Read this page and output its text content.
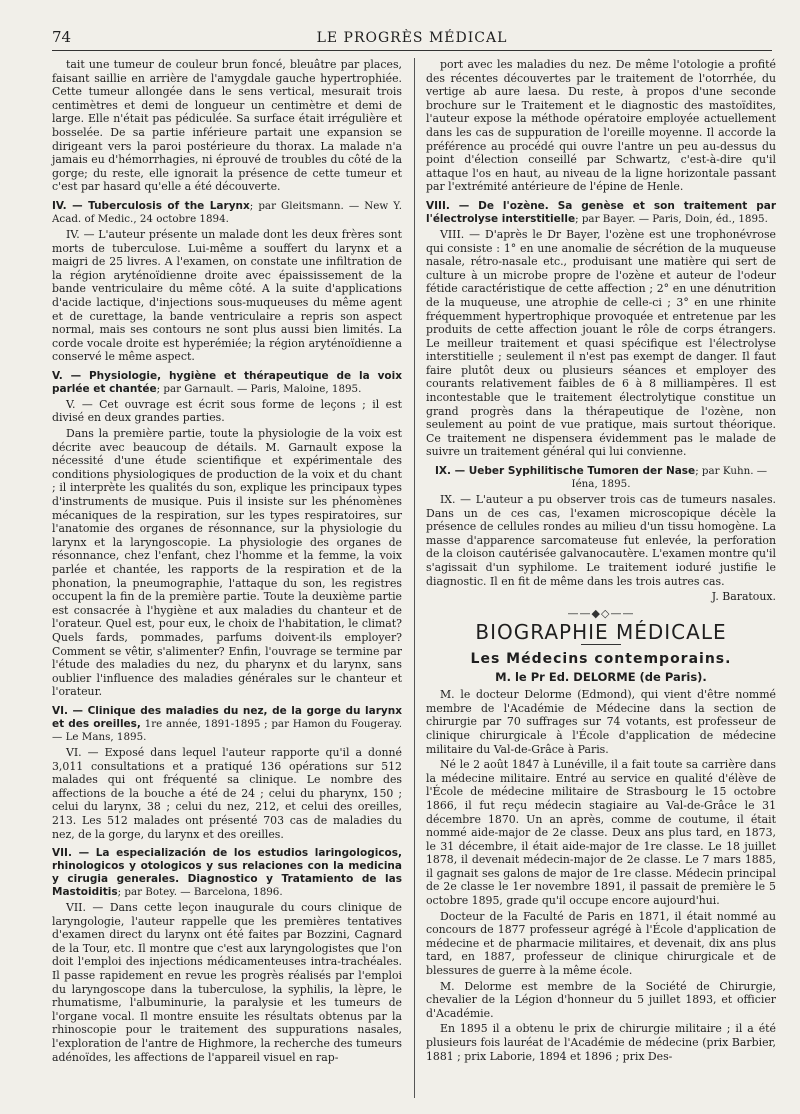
74	LE PROGRÈS MÉDICAL

tait une tumeur de couleur brun foncé, bleuâtre par places, faisant saillie en arrière de l'amygdale gauche hypertrophiée. Cette tumeur allongée dans le sens vertical, mesurait trois centimètres et demi de longueur un centimètre et demi de large. Elle n'était pas pédiculée. Sa surface était irrégulière et bosselée. De sa partie inférieure partait une expansion se dirigeant vers la paroi postérieure du thorax. La malade n'a jamais eu d'hémorrhagies, ni éprouvé de troubles du côté de la gorge; du reste, elle ignorait la présence de cette tumeur et c'est par hasard qu'elle a été découverte.

IV. — Tuberculosis of the Larynx; par Gleitsmann. — New Y. Acad. of Medic., 24 octobre 1894.

IV. — L'auteur présente un malade dont les deux frères sont morts de tuberculose. Lui-même a souffert du larynx et a maigri de 25 livres. A l'examen, on constate une infiltration de la région aryténoïdienne droite avec épaississement de la bande ventriculaire du même côté. A la suite d'applications d'acide lactique, d'injections sous-muqueuses du même agent et de curettage, la bande ventriculaire a repris son aspect normal, mais ses contours ne sont plus aussi bien limités. La corde vocale droite est hyperémiée; la région aryténoïdienne a conservé le même aspect.

V. — Physiologie, hygiène et thérapeutique de la voix parlée et chantée; par Garnault. — Paris, Maloine, 1895.

V. — Cet ouvrage est écrit sous forme de leçons ; il est divisé en deux grandes parties.

Dans la première partie, toute la physiologie de la voix est décrite avec beaucoup de détails. M. Garnault expose la nécessité d'une étude scientifique et expérimentale des conditions physiologiques de production de la voix et du chant ; il interprète les qualités du son, explique les principaux types d'instruments de musique. Puis il insiste sur les phénomènes mécaniques de la respiration, sur les types respiratoires, sur l'anatomie des organes de résonnance, sur la physiologie du larynx et la laryngoscopie. La physiologie des organes de résonnance, chez l'enfant, chez l'homme et la femme, la voix parlée et chantée, les rapports de la respiration et de la phonation, la pneumographie, l'attaque du son, les registres occupent la fin de la première partie. Toute la deuxième partie est consacrée à l'hygiène et aux maladies du chanteur et de l'orateur. Quel est, pour eux, le choix de l'habitation, le climat? Quels fards, pommades, parfums doivent-ils employer? Comment se vêtir, s'alimenter? Enfin, l'ouvrage se termine par l'étude des maladies du nez, du pharynx et du larynx, sans oublier l'influence des maladies générales sur le chanteur et l'orateur.

VI. — Clinique des maladies du nez, de la gorge du larynx et des oreilles, 1re année, 1891-1895 ; par Hamon du Fougeray. — Le Mans, 1895.

VI. — Exposé dans lequel l'auteur rapporte qu'il a donné 3,011 consultations et a pratiqué 136 opérations sur 512 malades qui ont fréquenté sa clinique. Le nombre des affections de la bouche a été de 24 ; celui du pharynx, 150 ; celui du larynx, 38 ; celui du nez, 212, et celui des oreilles, 213. Les 512 malades ont présenté 703 cas de maladies du nez, de la gorge, du larynx et des oreilles.

VII. — La especialización de los estudios laringologicos, rhinologicos y otologicos y sus relaciones con la medicina y cirugia generales. Diagnostico y Tratamiento de las Mastoiditis; par Botey. — Barcelona, 1896.

VII. — Dans cette leçon inaugurale du cours clinique de laryngologie, l'auteur rappelle que les premières tentatives d'examen direct du larynx ont été faites par Bozzini, Cagnard de la Tour, etc. Il montre que c'est aux laryngologistes que l'on doit l'emploi des injections médicamenteuses intra-trachéales. Il passe rapidement en revue les progrès réalisés par l'emploi du laryngoscope dans la tuberculose, la syphilis, la lèpre, le rhumatisme, l'albuminurie, la paralysie et les tumeurs de l'organe vocal. Il montre ensuite les résultats obtenus par la rhinoscopie pour le traitement des suppurations nasales, l'exploration de l'antre de Highmore, la recherche des tumeurs adénoïdes, les affections de l'appareil visuel en rap-

port avec les maladies du nez. De même l'otologie a profité des récentes découvertes par le traitement de l'otorrhée, du vertige ab aure laesa. Du reste, à propos d'une seconde brochure sur le Traitement et le diagnostic des mastoïdites, l'auteur expose la méthode opératoire employée actuellement dans les cas de suppuration de l'oreille moyenne. Il accorde la préférence au procédé qui ouvre l'antre un peu au-dessus du point d'élection conseillé par Schwartz, c'est-à-dire qu'il attaque l'os en haut, au niveau de la ligne horizontale passant par l'extrémité antérieure de l'épine de Henle.

VIII. — De l'ozène. Sa genèse et son traitement par l'électrolyse interstitielle; par Bayer. — Paris, Doin, éd., 1895.

VIII. — D'après le Dr Bayer, l'ozène est une trophonévrose qui consiste : 1° en une anomalie de sécrétion de la muqueuse nasale, rétro-nasale etc., produisant une matière qui sert de culture à un microbe propre de l'ozène et auteur de l'odeur fétide caractéristique de cette affection ; 2° en une dénutrition de la muqueuse, une atrophie de celle-ci ; 3° en une rhinite fréquemment hypertrophique provoquée et entretenue par les produits de cette affection jouant le rôle de corps étrangers. Le meilleur traitement et quasi spécifique est l'électrolyse interstitielle ; seulement il n'est pas exempt de danger. Il faut faire plutôt deux ou plusieurs séances et employer des courants relativement faibles de 6 à 8 milliampères. Il est incontestable que le traitement électrolytique constitue un grand progrès dans la thérapeutique de l'ozène, non seulement au point de vue pratique, mais surtout théorique. Ce traitement ne dispensera évidemment pas le malade de suivre un traitement général qui lui convienne.

IX. — Ueber Syphilitische Tumoren der Nase; par Kuhn. — Iéna, 1895.

IX. — L'auteur a pu observer trois cas de tumeurs nasales. Dans un de ces cas, l'examen microscopique décèle la présence de cellules rondes au milieu d'un tissu homogène. La masse d'apparence sarcomateuse fut enlevée, la perforation de la cloison cautérisée galvanocautère. L'examen montre qu'il s'agissait d'un syphilome. Le traitement ioduré justifie le diagnostic. Il en fit de même dans les trois autres cas.

J. Baratoux.

——◆◇——
BIOGRAPHIE MÉDICALE
Les Médecins contemporains.
M. le Pr Ed. DELORME (de Paris).

M. le docteur Delorme (Edmond), qui vient d'être nommé membre de l'Académie de Médecine dans la section de chirurgie par 70 suffrages sur 74 votants, est professeur de clinique chirurgicale à l'École d'application de médecine militaire du Val-de-Grâce à Paris.

Né le 2 août 1847 à Lunéville, il a fait toute sa carrière dans la médecine militaire. Entré au service en qualité d'élève de l'École de médecine militaire de Strasbourg le 15 octobre 1866, il fut reçu médecin stagiaire au Val-de-Grâce le 31 décembre 1870. Un an après, comme de coutume, il était nommé aide-major de 2e classe. Deux ans plus tard, en 1873, le 31 décembre, il était aide-major de 1re classe. Le 18 juillet 1878, il devenait médecin-major de 2e classe. Le 7 mars 1885, il gagnait ses galons de major de 1re classe. Médecin principal de 2e classe le 1er novembre 1891, il passait de première le 5 octobre 1895, grade qu'il occupe encore aujourd'hui.

Docteur de la Faculté de Paris en 1871, il était nommé au concours de 1877 professeur agrégé à l'École d'application de médecine et de pharmacie militaires, et devenait, dix ans plus tard, en 1887, professeur de clinique chirurgicale et de blessures de guerre à la même école.

M. Delorme est membre de la Société de Chirurgie, chevalier de la Légion d'honneur du 5 juillet 1893, et officier d'Académie.

En 1895 il a obtenu le prix de chirurgie militaire ; il a été plusieurs fois lauréat de l'Académie de médecine (prix Barbier, 1881 ; prix Laborie, 1894 et 1896 ; prix Des-
